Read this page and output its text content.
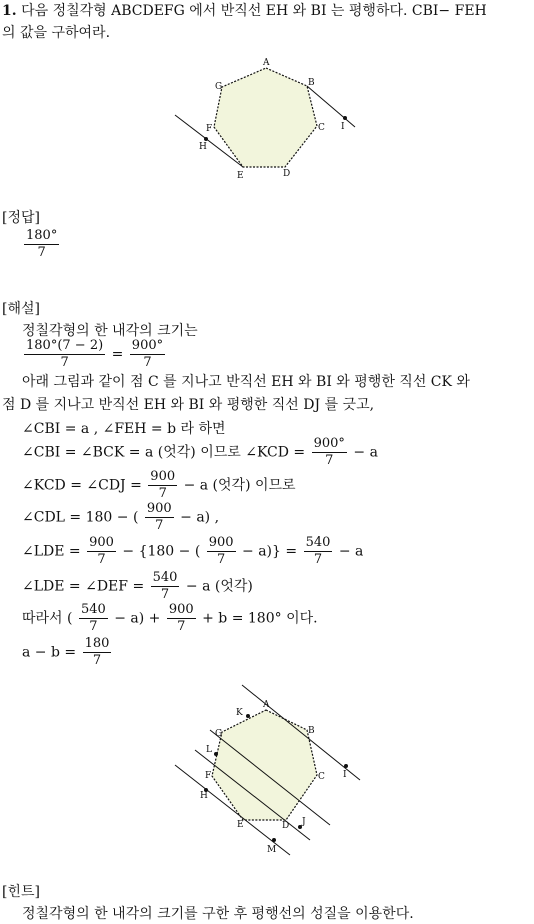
1. 다음 정칠각형 ABCDEFG 에서 반직선 EH 와 BI 는 평행하다. CBI− FEH
의 값을 구하여라.
A
B
C
D
E
F
G
H
I
[정답]
$\frac{180^\circ}{7}$
[해설]
정칠각형의 한 내각의 크기는
$\frac{180^\circ(7 - 2)}{7} = \frac{900^\circ}{7}$
아래 그림과 같이 점 C 를 지나고 반직선 EH 와 BI 와 평행한 직선 CK 와
점 D 를 지나고 반직선 EH 와 BI 와 평행한 직선 DJ 를 긋고,
∠CBI = a , ∠FEH = b 라 하면
∠CBI = ∠BCK = a (엇각) 이므로 ∠KCD = $\frac{900^\circ}{7} - a$
∠KCD = ∠CDJ = $\frac{900}{7} - a$ (엇각) 이므로
∠CDL = 180 − ( $\frac{900}{7} - a$) ,
∠LDE = $\frac{900}{7} - \{180$ − ( $\frac{900}{7} - a)\} = \frac{540}{7} - a$
∠LDE = ∠DEF = $\frac{540}{7} - a$ (엇각)
따라서 ( $\frac{540}{7} - a) + \frac{900}{7} + b = 180^\circ$ 이다.
$a - b = \frac{180}{7}$
A
B
C
D
E
F
G
H
I
J
K
L
M
[힌트]
정칠각형의 한 내각의 크기를 구한 후 평행선의 성질을 이용한다.
